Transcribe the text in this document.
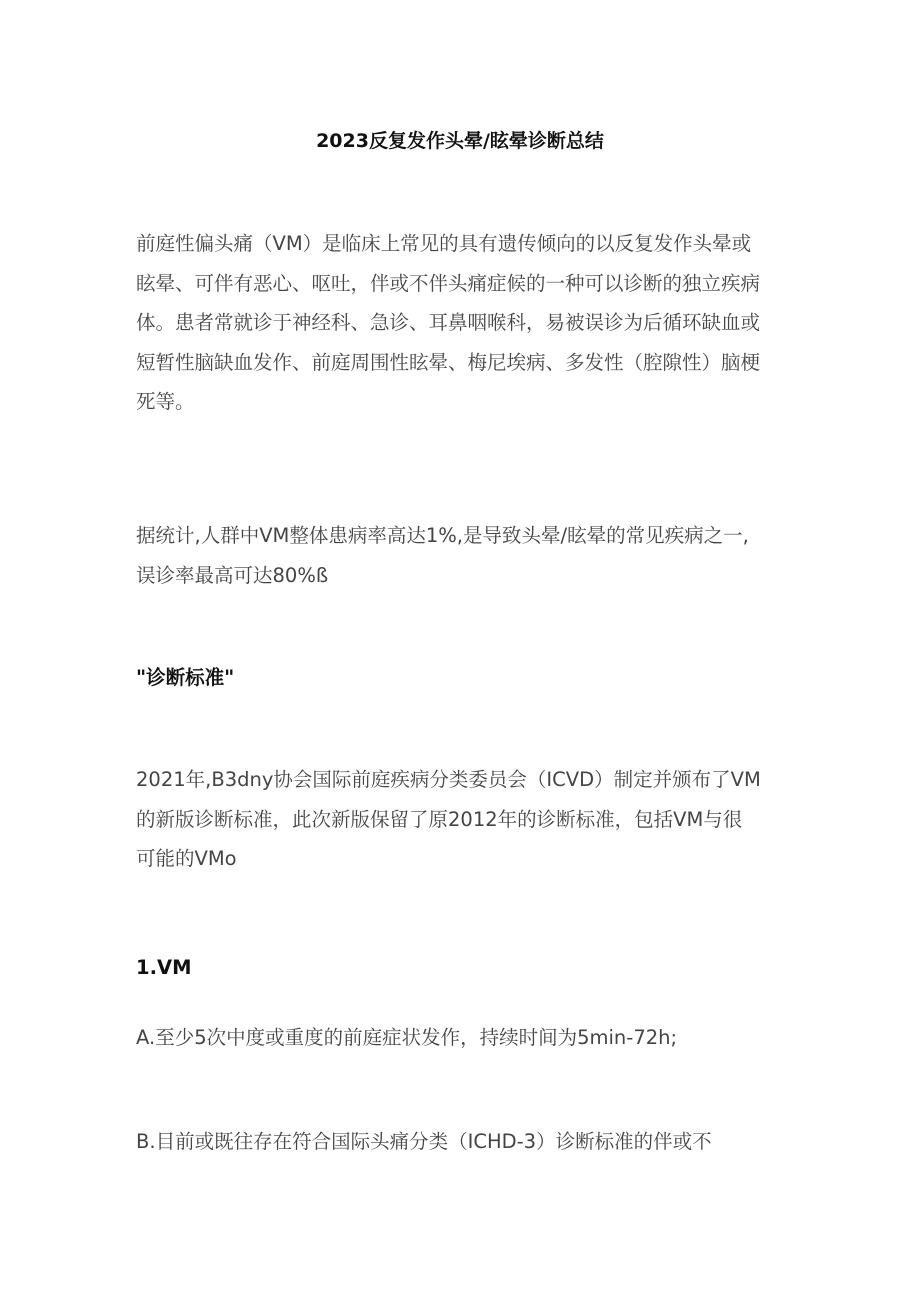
2023反复发作头晕/眩晕诊断总结

前庭性偏头痛（VM）是临床上常见的具有遗传倾向的以反复发作头晕或
眩晕、可伴有恶心、呕吐，伴或不伴头痛症候的一种可以诊断的独立疾病
体。患者常就诊于神经科、急诊、耳鼻咽喉科，易被误诊为后循环缺血或
短暂性脑缺血发作、前庭周围性眩晕、梅尼埃病、多发性（腔隙性）脑梗
死等。

据统计,人群中VM整体患病率高达1%,是导致头晕/眩晕的常见疾病之一,
误诊率最高可达80%ß

"诊断标准"

2021年,B3dny协会国际前庭疾病分类委员会（ICVD）制定并颁布了VM
的新版诊断标准，此次新版保留了原2012年的诊断标准，包括VM与很
可能的VMo

1.VM

A.至少5次中度或重度的前庭症状发作，持续时间为5min-72h;

B.目前或既往存在符合国际头痛分类（ICHD-3）诊断标准的伴或不
